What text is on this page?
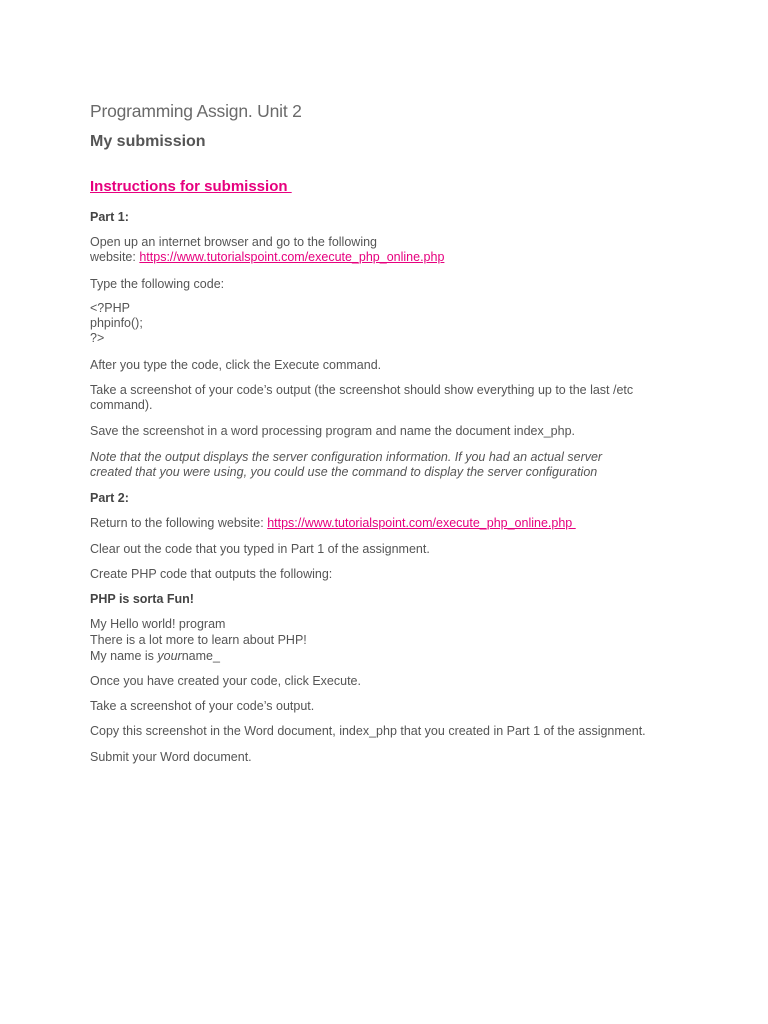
Programming Assign. Unit 2
My submission
Instructions for submission
Part 1:
Open up an internet browser and go to the following
website: https://www.tutorialspoint.com/execute_php_online.php
Type the following code:
<?PHP
phpinfo();
?>
After you type the code, click the Execute command.
Take a screenshot of your code’s output (the screenshot should show everything up to the last /etc
command).
Save the screenshot in a word processing program and name the document index_php.
Note that the output displays the server configuration information. If you had an actual server
created that you were using, you could use the command to display the server configuration
Part 2:
Return to the following website: https://www.tutorialspoint.com/execute_php_online.php
Clear out the code that you typed in Part 1 of the assignment.
Create PHP code that outputs the following:
PHP is sorta Fun!
My Hello world! program
There is a lot more to learn about PHP!
My name is yourname_
Once you have created your code, click Execute.
Take a screenshot of your code’s output.
Copy this screenshot in the Word document, index_php that you created in Part 1 of the assignment.
Submit your Word document.
